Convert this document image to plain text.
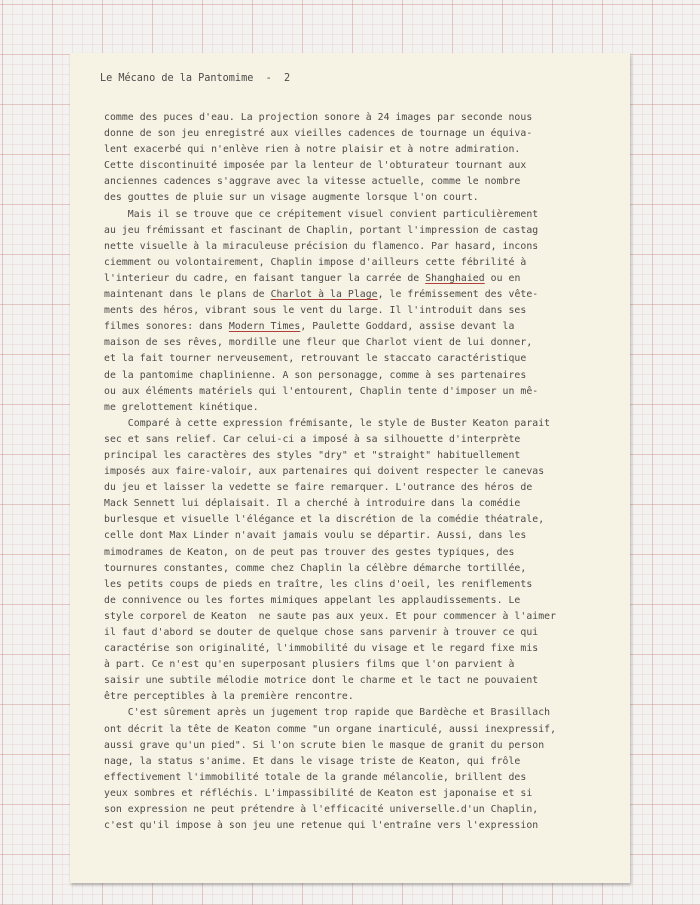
Le Mécano de la Pantomime  -  2
comme des puces d'eau. La projection sonore à 24 images par seconde nous
donne de son jeu enregistré aux vieilles cadences de tournage un équiva-
lent exacerbé qui n'enlève rien à notre plaisir et à notre admiration.
Cette discontinuité imposée par la lenteur de l'obturateur tournant aux
anciennes cadences s'aggrave avec la vitesse actuelle, comme le nombre
des gouttes de pluie sur un visage augmente lorsque l'on court.
Mais il se trouve que ce crépitement visuel convient particulièrement
au jeu frémissant et fascinant de Chaplin, portant l'impression de castag
nette visuelle à la miraculeuse précision du flamenco. Par hasard, incons
ciemment ou volontairement, Chaplin impose d'ailleurs cette fébrilité à
l'interieur du cadre, en faisant tanguer la carrée de Shanghaied ou en
maintenant dans le plans de Charlot à la Plage, le frémissement des vête-
ments des héros, vibrant sous le vent du large. Il l'introduit dans ses
filmes sonores: dans Modern Times, Paulette Goddard, assise devant la
maison de ses rêves, mordille une fleur que Charlot vient de lui donner,
et la fait tourner nerveusement, retrouvant le staccato caractéristique
de la pantomime chaplinienne. A son personagge, comme à ses partenaires
ou aux éléments matériels qui l'entourent, Chaplin tente d'imposer un mê-
me grelottement kinétique.
Comparé à cette expression frémisante, le style de Buster Keaton parait
sec et sans relief. Car celui-ci a imposé à sa silhouette d'interprète
principal les caractères des styles "dry" et "straight" habituellement
imposés aux faire-valoir, aux partenaires qui doivent respecter le canevas
du jeu et laisser la vedette se faire remarquer. L'outrance des héros de
Mack Sennett lui déplaisait. Il a cherché à introduire dans la comédie
burlesque et visuelle l'élégance et la discrétion de la comédie théatrale,
celle dont Max Linder n'avait jamais voulu se départir. Aussi, dans les
mimodrames de Keaton, on de peut pas trouver des gestes typiques, des
tournures constantes, comme chez Chaplin la célèbre démarche tortillée,
les petits coups de pieds en traître, les clins d'oeil, les reniflements
de connivence ou les fortes mimiques appelant les applaudissements. Le
style corporel de Keaton  ne saute pas aux yeux. Et pour commencer à l'aimer
il faut d'abord se douter de quelque chose sans parvenir à trouver ce qui
caractérise son originalité, l'immobilité du visage et le regard fixe mis
à part. Ce n'est qu'en superposant plusiers films que l'on parvient à
saisir une subtile mélodie motrice dont le charme et le tact ne pouvaient
être perceptibles à la première rencontre.
C'est sûrement après un jugement trop rapide que Bardèche et Brasillach
ont décrit la tête de Keaton comme "un organe inarticulé, aussi inexpressif,
aussi grave qu'un pied". Si l'on scrute bien le masque de granit du person
nage, la status s'anime. Et dans le visage triste de Keaton, qui frôle
effectivement l'immobilité totale de la grande mélancolie, brillent des
yeux sombres et réfléchis. L'impassibilité de Keaton est japonaise et si
son expression ne peut prétendre à l'efficacité universelle.d'un Chaplin,
c'est qu'il impose à son jeu une retenue qui l'entraîne vers l'expression
